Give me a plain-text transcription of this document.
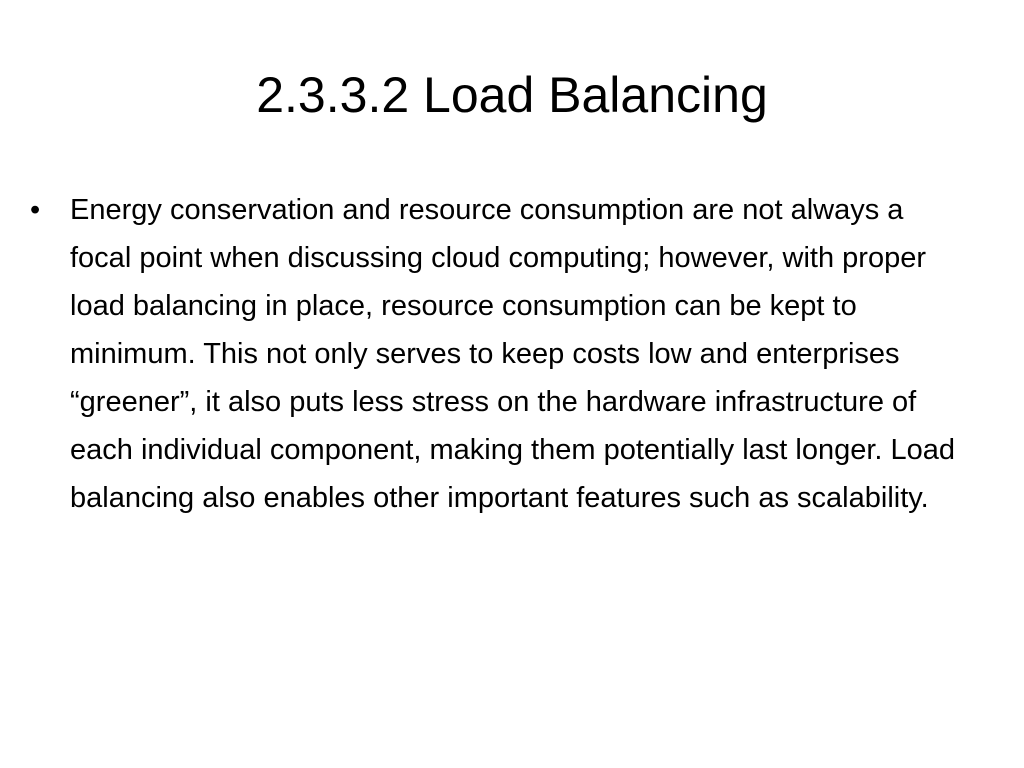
2.3.3.2 Load Balancing
•	Energy conservation and resource consumption are not always a focal point when discussing cloud computing; however, with proper load balancing in place, resource consumption can be kept to minimum. This not only serves to keep costs low and enterprises “greener”, it also puts less stress on the hardware infrastructure of each individual component, making them potentially last longer. Load balancing also enables other important features such as scalability.
